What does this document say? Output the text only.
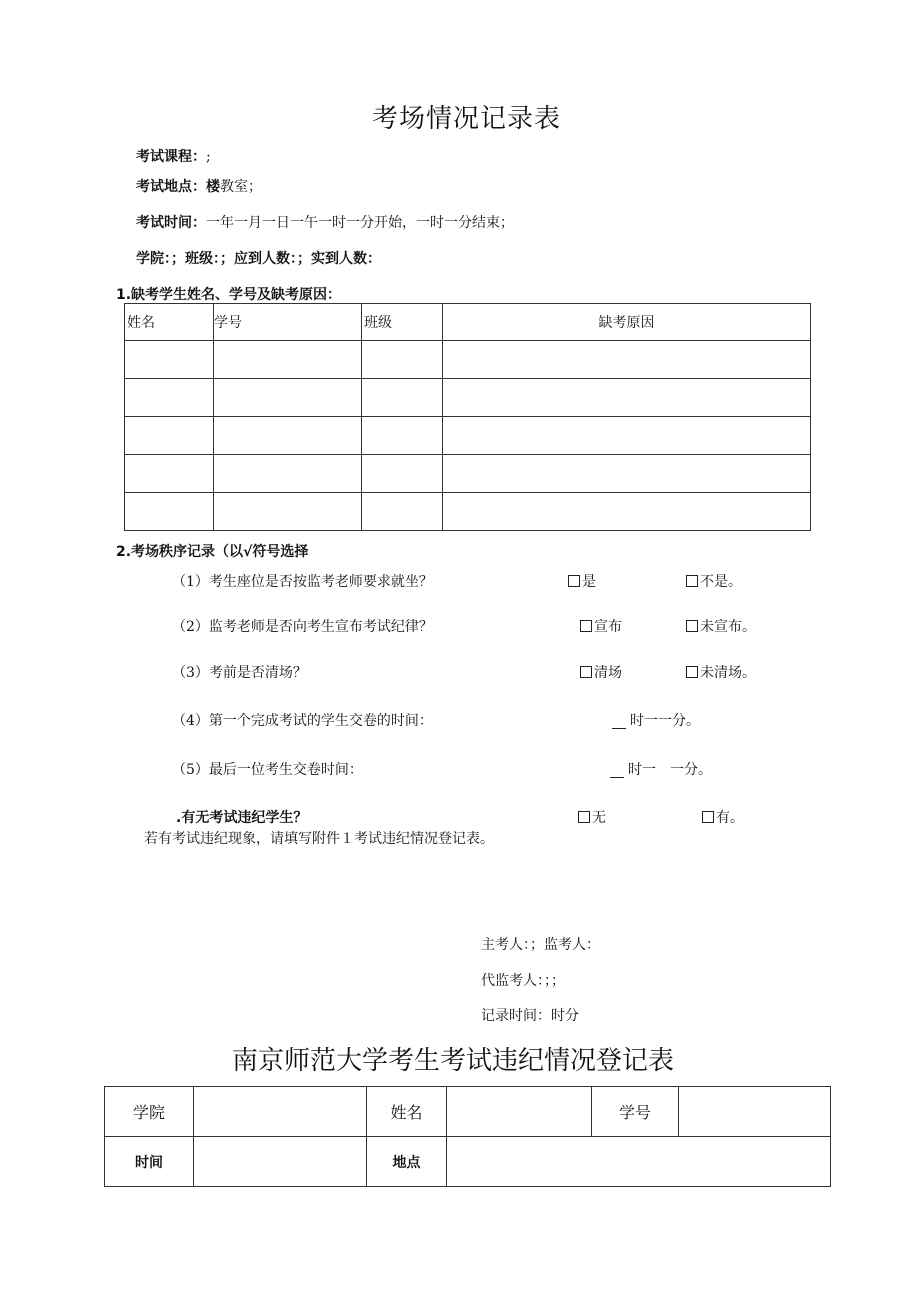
考场情况记录表
考试课程：;
考试地点：楼教室；
考试时间：一年一月一日一午一时一分开始，一时一分结束；
学院：；班级：；应到人数：；实到人数：
1.缺考学生姓名、学号及缺考原因：
姓名	学号	班级	缺考原因

2.考场秩序记录（以√符号选择
（1）考生座位是否按监考老师要求就坐？	是	不是。
（2）监考老师是否向考生宣布考试纪律？	宣布	未宣布。
（3）考前是否清场？	清场	未清场。
（4）第一个完成考试的学生交卷的时间：	时一一分。
（5）最后一位考生交卷时间：	时一　一分。
.有无考试违纪学生？	无	有。
若有考试违纪现象，请填写附件１考试违纪情况登记表。
主考人：；监考人：
代监考人：；；
记录时间：时分
南京师范大学考生考试违纪情况登记表
学院		姓名		学号	
时间		地点			
